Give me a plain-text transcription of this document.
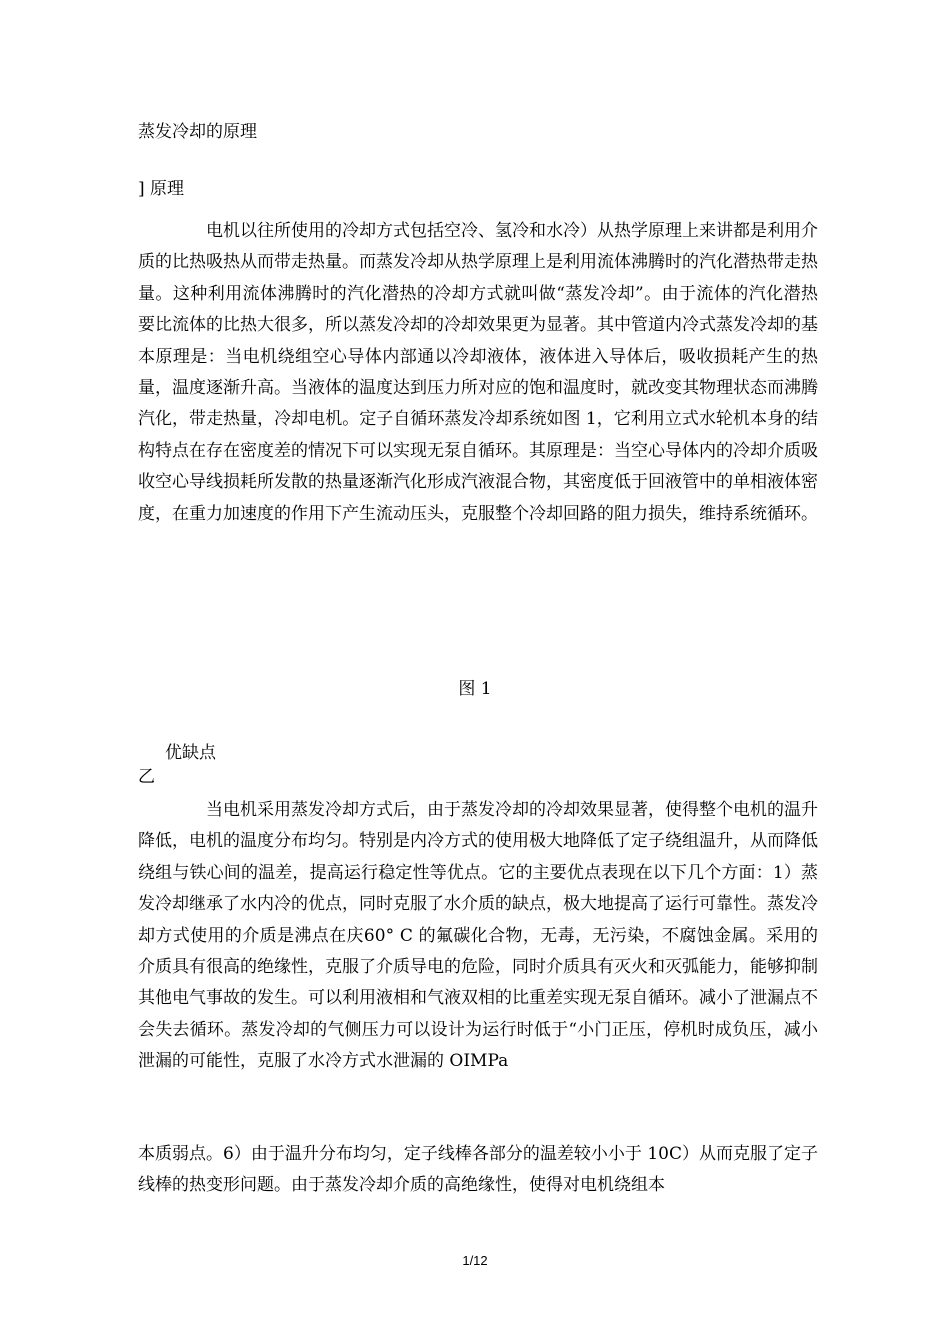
蒸发冷却的原理
] 原理

电机以往所使用的冷却方式包括空冷、氢冷和水冷）从热学原理上来讲都是利用介质的比热吸热从而带走热量。而蒸发冷却从热学原理上是利用流体沸腾时的汽化潜热带走热量。这种利用流体沸腾时的汽化潜热的冷却方式就叫做“蒸发冷却”。由于流体的汽化潜热要比流体的比热大很多，所以蒸发冷却的冷却效果更为显著。其中管道内冷式蒸发冷却的基本原理是：当电机绕组空心导体内部通以冷却液体，液体进入导体后，吸收损耗产生的热量，温度逐渐升高。当液体的温度达到压力所对应的饱和温度时，就改变其物理状态而沸腾汽化，带走热量，冷却电机。定子自循环蒸发冷却系统如图 1，它利用立式水轮机本身的结构特点在存在密度差的情况下可以实现无泵自循环。其原理是：当空心导体内的冷却介质吸收空心导线损耗所发散的热量逐渐汽化形成汽液混合物，其密度低于回液管中的单相液体密度，在重力加速度的作用下产生流动压头，克服整个冷却回路的阻力损失，维持系统循环。

图 1
优缺点
乙

当电机采用蒸发冷却方式后，由于蒸发冷却的冷却效果显著，使得整个电机的温升降低，电机的温度分布均匀。特别是内冷方式的使用极大地降低了定子绕组温升，从而降低绕组与铁心间的温差，提高运行稳定性等优点。它的主要优点表现在以下几个方面：1）蒸发冷却继承了水内冷的优点，同时克服了水介质的缺点，极大地提高了运行可靠性。蒸发冷却方式使用的介质是沸点在庆60° C 的氟碳化合物，无毒，无污染，不腐蚀金属。采用的介质具有很高的绝缘性，克服了介质导电的危险，同时介质具有灭火和灭弧能力，能够抑制其他电气事故的发生。可以利用液相和气液双相的比重差实现无泵自循环。减小了泄漏点不会失去循环。蒸发冷却的气侧压力可以设计为运行时低于“小门正压，停机时成负压，减小泄漏的可能性，克服了水冷方式水泄漏的 OIMPa

本质弱点。6）由于温升分布均匀，定子线棒各部分的温差较小小于 10C）从而克服了定子线棒的热变形问题。由于蒸发冷却介质的高绝缘性，使得对电机绕组本

1/12
